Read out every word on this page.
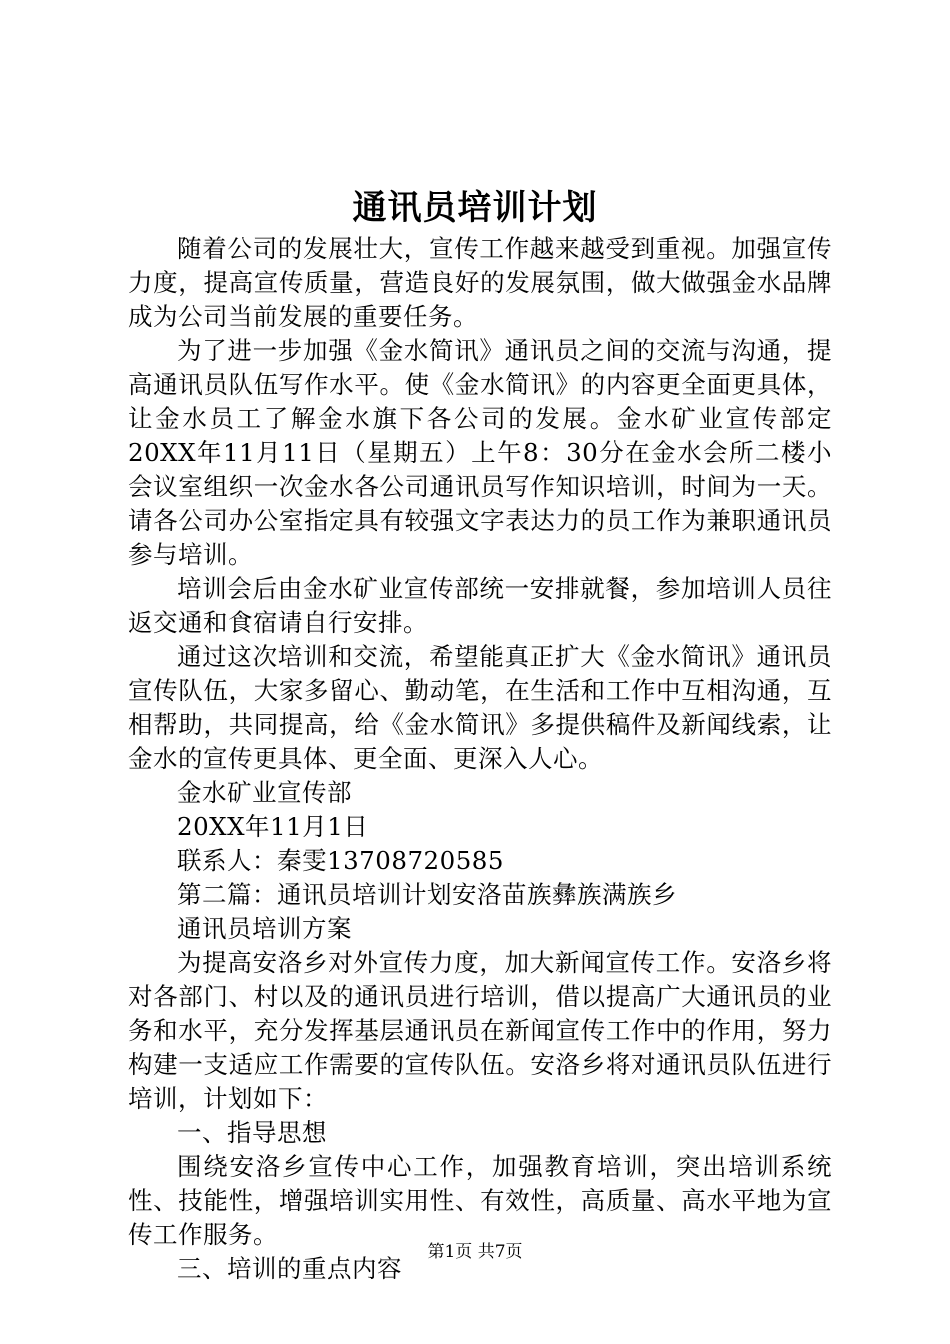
通讯员培训计划

随着公司的发展壮大，宣传工作越来越受到重视。加强宣传力度，提高宣传质量，营造良好的发展氛围，做大做强金水品牌成为公司当前发展的重要任务。

为了进一步加强《金水简讯》通讯员之间的交流与沟通，提高通讯员队伍写作水平。使《金水简讯》的内容更全面更具体，让金水员工了解金水旗下各公司的发展。金水矿业宣传部定20XX年11月11日（星期五）上午8：30分在金水会所二楼小会议室组织一次金水各公司通讯员写作知识培训，时间为一天。请各公司办公室指定具有较强文字表达力的员工作为兼职通讯员参与培训。

培训会后由金水矿业宣传部统一安排就餐，参加培训人员往返交通和食宿请自行安排。

通过这次培训和交流，希望能真正扩大《金水简讯》通讯员宣传队伍，大家多留心、勤动笔，在生活和工作中互相沟通，互相帮助，共同提高，给《金水简讯》多提供稿件及新闻线索，让金水的宣传更具体、更全面、更深入人心。

金水矿业宣传部

20XX年11月1日

联系人：秦雯13708720585

第二篇：通讯员培训计划安洛苗族彝族满族乡

通讯员培训方案

为提高安洛乡对外宣传力度，加大新闻宣传工作。安洛乡将对各部门、村以及的通讯员进行培训，借以提高广大通讯员的业务和水平，充分发挥基层通讯员在新闻宣传工作中的作用，努力构建一支适应工作需要的宣传队伍。安洛乡将对通讯员队伍进行培训，计划如下：

一、指导思想

围绕安洛乡宣传中心工作，加强教育培训，突出培训系统性、技能性，增强培训实用性、有效性，高质量、高水平地为宣传工作服务。

三、培训的重点内容

第1页 共7页
